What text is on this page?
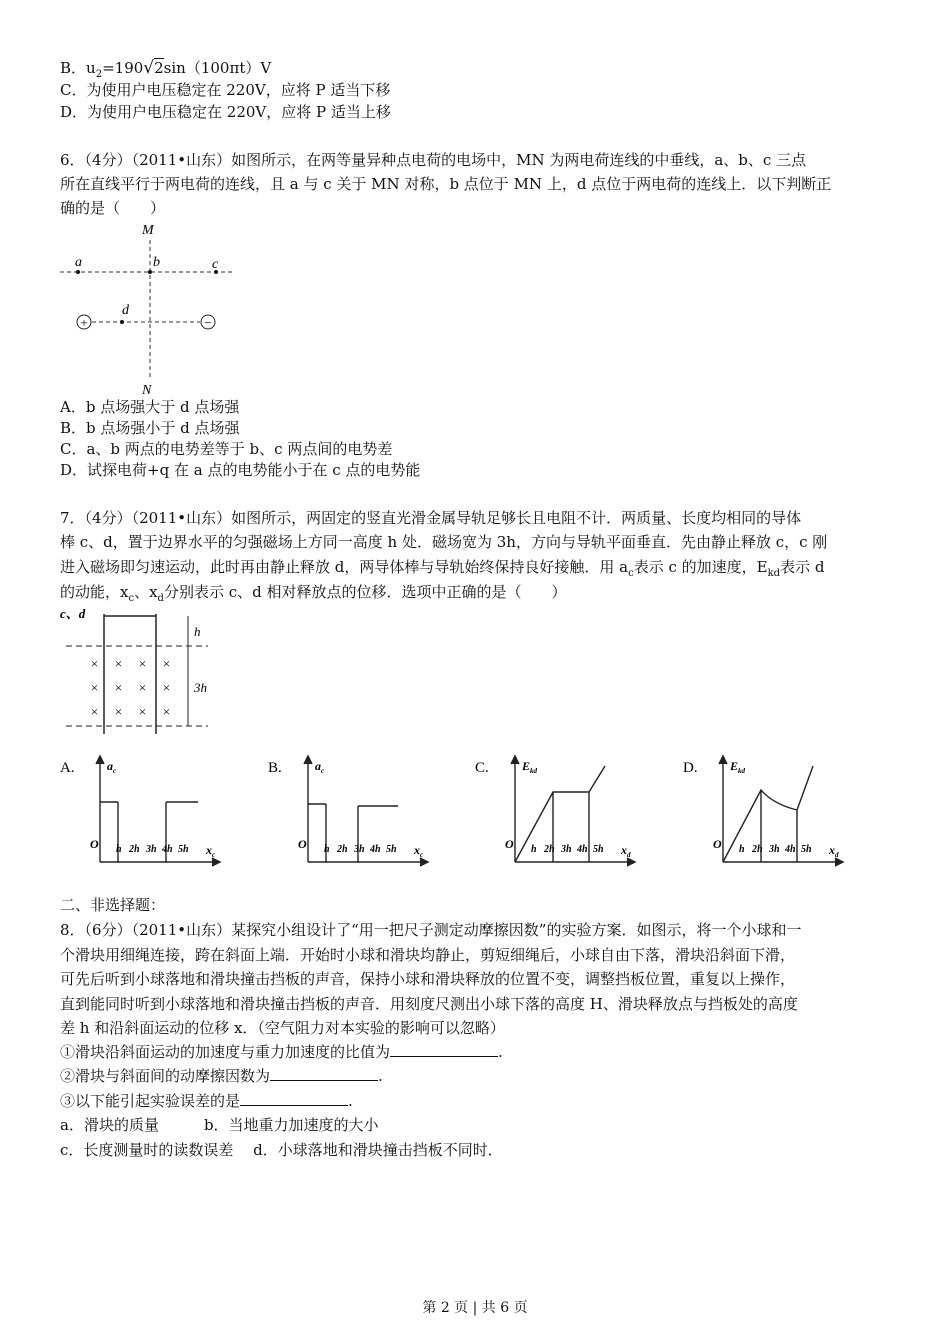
B．$u_2=190√2\sin(100\pi t)V$
C．为使用户电压稳定在 220V，应将 P 适当下移
D．为使用户电压稳定在 220V，应将 P 适当上移
6．（4分）（2011•山东）如图所示，在两等量异种点电荷的电场中，MN 为两电荷连线的中垂线，a、b、c 三点
所在直线平行于两电荷的连线，且 a 与 c 关于 MN 对称，b 点位于 MN 上，d 点位于两电荷的连线上．以下判断正
确的是（　　）
+	−
M
N
a	b	c
d
A．b 点场强大于 d 点场强
B．b 点场强小于 d 点场强
C．a、b 两点的电势差等于 b、c 两点间的电势差
D．试探电荷+q 在 a 点的电势能小于在 c 点的电势能
7．（4分）（2011•山东）如图所示，两固定的竖直光滑金属导轨足够长且电阻不计．两质量、长度均相同的导体
棒 c、d，置于边界水平的匀强磁场上方同一高度 h 处．磁场宽为 3h，方向与导轨平面垂直．先由静止释放 c，c 刚
进入磁场即匀速运动，此时再由静止释放 d，两导体棒与导轨始终保持良好接触．用 $a_c$表示 c 的加速度，$E_{kd}$表示 d
的动能，$x_c$、$x_d$分别表示 c、d 相对释放点的位移．选项中正确的是（　　）
c、d
h
3h
× × × ×
× × × ×
× × × ×
A.	$a_c$
O h 2h 3h 4h 5h $x_c$
B.	$a_c$
O h 2h 3h 4h 5h $x_c$
C.	$E_{kd}$
O h 2h 3h 4h 5h $x_d$
D.	$E_{kd}$
O h 2h 3h 4h 5h $x_d$
二、非选择题：
8．（6分）（2011•山东）某探究小组设计了“用一把尺子测定动摩擦因数”的实验方案．如图示，将一个小球和一
个滑块用细绳连接，跨在斜面上端．开始时小球和滑块均静止，剪短细绳后，小球自由下落，滑块沿斜面下滑，
可先后听到小球落地和滑块撞击挡板的声音，保持小球和滑块释放的位置不变，调整挡板位置，重复以上操作，
直到能同时听到小球落地和滑块撞击挡板的声音．用刻度尺测出小球下落的高度 H、滑块释放点与挡板处的高度
差 h 和沿斜面运动的位移 x．（空气阻力对本实验的影响可以忽略）
①滑块沿斜面运动的加速度与重力加速度的比值为	.
②滑块与斜面间的动摩擦因数为	.
③以下能引起实验误差的是	.
a．滑块的质量　　　b．当地重力加速度的大小
c．长度测量时的读数误差　 d．小球落地和滑块撞击挡板不同时．
第 2 页 | 共 6 页
